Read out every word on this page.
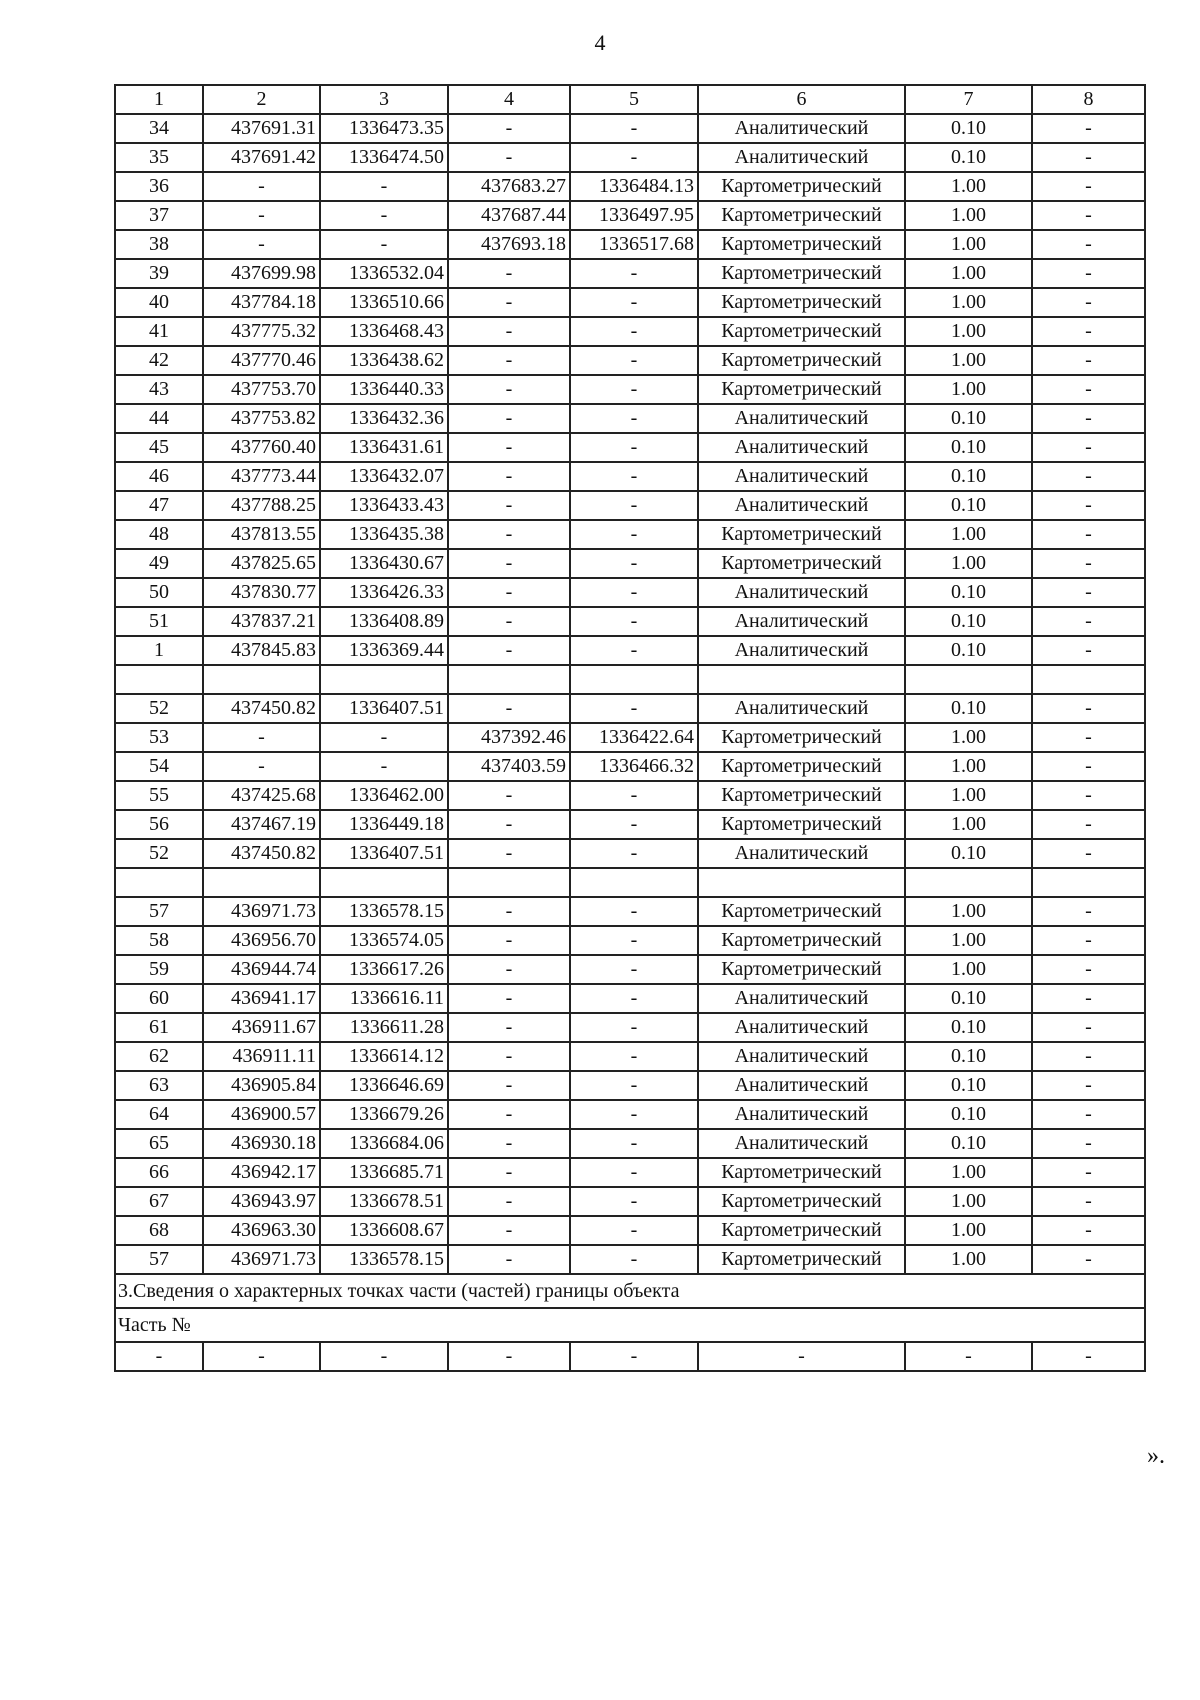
4
1	2	3	4	5	6	7	8
34	437691.31	1336473.35	-	-	Аналитический	0.10	-
35	437691.42	1336474.50	-	-	Аналитический	0.10	-
36	-	-	437683.27	1336484.13	Картометрический	1.00	-
37	-	-	437687.44	1336497.95	Картометрический	1.00	-
38	-	-	437693.18	1336517.68	Картометрический	1.00	-
39	437699.98	1336532.04	-	-	Картометрический	1.00	-
40	437784.18	1336510.66	-	-	Картометрический	1.00	-
41	437775.32	1336468.43	-	-	Картометрический	1.00	-
42	437770.46	1336438.62	-	-	Картометрический	1.00	-
43	437753.70	1336440.33	-	-	Картометрический	1.00	-
44	437753.82	1336432.36	-	-	Аналитический	0.10	-
45	437760.40	1336431.61	-	-	Аналитический	0.10	-
46	437773.44	1336432.07	-	-	Аналитический	0.10	-
47	437788.25	1336433.43	-	-	Аналитический	0.10	-
48	437813.55	1336435.38	-	-	Картометрический	1.00	-
49	437825.65	1336430.67	-	-	Картометрический	1.00	-
50	437830.77	1336426.33	-	-	Аналитический	0.10	-
51	437837.21	1336408.89	-	-	Аналитический	0.10	-
1	437845.83	1336369.44	-	-	Аналитический	0.10	-

52	437450.82	1336407.51	-	-	Аналитический	0.10	-
53	-	-	437392.46	1336422.64	Картометрический	1.00	-
54	-	-	437403.59	1336466.32	Картометрический	1.00	-
55	437425.68	1336462.00	-	-	Картометрический	1.00	-
56	437467.19	1336449.18	-	-	Картометрический	1.00	-
52	437450.82	1336407.51	-	-	Аналитический	0.10	-

57	436971.73	1336578.15	-	-	Картометрический	1.00	-
58	436956.70	1336574.05	-	-	Картометрический	1.00	-
59	436944.74	1336617.26	-	-	Картометрический	1.00	-
60	436941.17	1336616.11	-	-	Аналитический	0.10	-
61	436911.67	1336611.28	-	-	Аналитический	0.10	-
62	436911.11	1336614.12	-	-	Аналитический	0.10	-
63	436905.84	1336646.69	-	-	Аналитический	0.10	-
64	436900.57	1336679.26	-	-	Аналитический	0.10	-
65	436930.18	1336684.06	-	-	Аналитический	0.10	-
66	436942.17	1336685.71	-	-	Картометрический	1.00	-
67	436943.97	1336678.51	-	-	Картометрический	1.00	-
68	436963.30	1336608.67	-	-	Картометрический	1.00	-
57	436971.73	1336578.15	-	-	Картометрический	1.00	-
3.Сведения о характерных точках части (частей) границы объекта							
Часть №							
-	-	-	-	-	-	-	-
».
